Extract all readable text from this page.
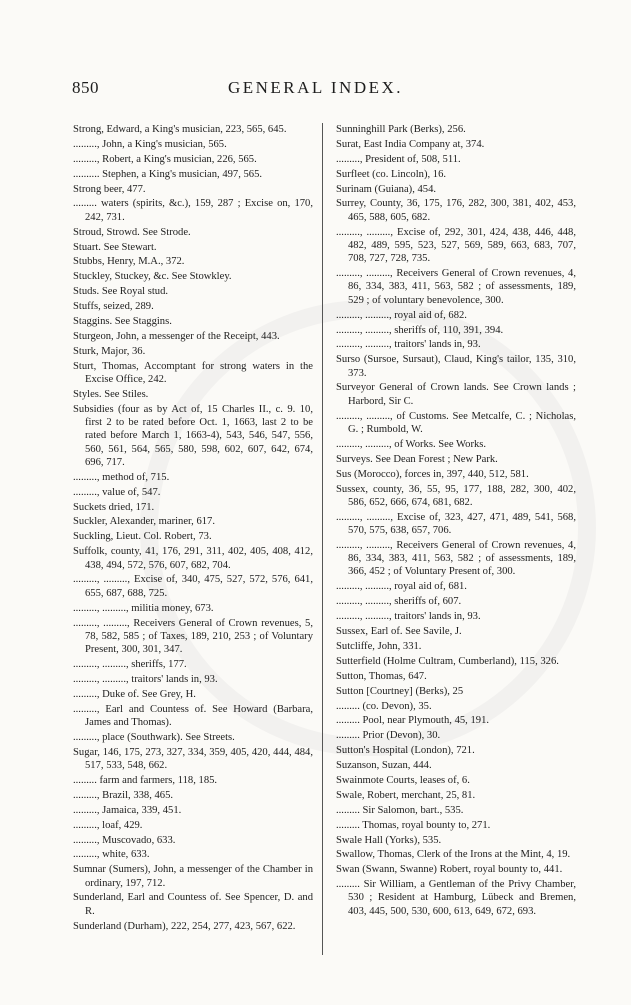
850	GENERAL INDEX.

Strong, Edward, a King's musician, 223, 565, 645.

........., John, a King's musician, 565.

........., Robert, a King's musician, 226, 565.

.......... Stephen, a King's musician, 497, 565.

Strong beer, 477.

......... waters (spirits, &c.), 159, 287 ; Excise on, 170, 242, 731.

Stroud, Strowd. See Strode.

Stuart. See Stewart.

Stubbs, Henry, M.A., 372.

Stuckley, Stuckey, &c. See Stowkley.

Studs. See Royal stud.

Stuffs, seized, 289.

Staggins. See Staggins.

Sturgeon, John, a messenger of the Receipt, 443.

Sturk, Major, 36.

Sturt, Thomas, Accomptant for strong waters in the Excise Office, 242.

Styles. See Stiles.

Subsidies (four as by Act of, 15 Charles II., c. 9. 10, first 2 to be rated before Oct. 1, 1663, last 2 to be rated before March 1, 1663-4), 543, 546, 547, 556, 560, 561, 564, 565, 580, 598, 602, 607, 642, 674, 696, 717.

........., method of, 715.

........., value of, 547.

Suckets dried, 171.

Suckler, Alexander, mariner, 617.

Suckling, Lieut. Col. Robert, 73.

Suffolk, county, 41, 176, 291, 311, 402, 405, 408, 412, 438, 494, 572, 576, 607, 682, 704.

........., ........., Excise of, 340, 475, 527, 572, 576, 641, 655, 687, 688, 725.

........., ........., militia money, 673.

........., ........., Receivers General of Crown revenues, 5, 78, 582, 585 ; of Taxes, 189, 210, 253 ; of Voluntary Present, 300, 301, 347.

........., ........., sheriffs, 177.

........., ........., traitors' lands in, 93.

........., Duke of. See Grey, H.

........., Earl and Countess of. See Howard (Barbara, James and Thomas).

........., place (Southwark). See Streets.

Sugar, 146, 175, 273, 327, 334, 359, 405, 420, 444, 484, 517, 533, 548, 662.

......... farm and farmers, 118, 185.

........., Brazil, 338, 465.

........., Jamaica, 339, 451.

........., loaf, 429.

........., Muscovado, 633.

........., white, 633.

Sumnar (Sumers), John, a messenger of the Chamber in ordinary, 197, 712.

Sunderland, Earl and Countess of. See Spencer, D. and R.

Sunderland (Durham), 222, 254, 277, 423, 567, 622.

Sunninghill Park (Berks), 256.

Surat, East India Company at, 374.

........., President of, 508, 511.

Surfleet (co. Lincoln), 16.

Surinam (Guiana), 454.

Surrey, County, 36, 175, 176, 282, 300, 381, 402, 453, 465, 588, 605, 682.

........., ........., Excise of, 292, 301, 424, 438, 446, 448, 482, 489, 595, 523, 527, 569, 589, 663, 683, 707, 708, 727, 728, 735.

........., ........., Receivers General of Crown revenues, 4, 86, 334, 383, 411, 563, 582 ; of assessments, 189, 529 ; of voluntary benevolence, 300.

........., ........., royal aid of, 682.

........., ........., sheriffs of, 110, 391, 394.

........., ........., traitors' lands in, 93.

Surso (Sursoe, Sursaut), Claud, King's tailor, 135, 310, 373.

Surveyor General of Crown lands. See Crown lands ; Harbord, Sir C.

........., ........., of Customs. See Metcalfe, C. ; Nicholas, G. ; Rumbold, W.

........., ........., of Works. See Works.

Surveys. See Dean Forest ; New Park.

Sus (Morocco), forces in, 397, 440, 512, 581.

Sussex, county, 36, 55, 95, 177, 188, 282, 300, 402, 586, 652, 666, 674, 681, 682.

........., ........., Excise of, 323, 427, 471, 489, 541, 568, 570, 575, 638, 657, 706.

........., ........., Receivers General of Crown revenues, 4, 86, 334, 383, 411, 563, 582 ; of assessments, 189, 366, 452 ; of Voluntary Present of, 300.

........., ........., royal aid of, 681.

........., ........., sheriffs of, 607.

........., ........., traitors' lands in, 93.

Sussex, Earl of. See Savile, J.

Sutcliffe, John, 331.

Sutterfield (Holme Cultram, Cumberland), 115, 326.

Sutton, Thomas, 647.

Sutton [Courtney] (Berks), 25

......... (co. Devon), 35.

......... Pool, near Plymouth, 45, 191.

......... Prior (Devon), 30.

Sutton's Hospital (London), 721.

Suzanson, Suzan, 444.

Swainmote Courts, leases of, 6.

Swale, Robert, merchant, 25, 81.

......... Sir Salomon, bart., 535.

......... Thomas, royal bounty to, 271.

Swale Hall (Yorks), 535.

Swallow, Thomas, Clerk of the Irons at the Mint, 4, 19.

Swan (Swann, Swanne) Robert, royal bounty to, 441.

......... Sir William, a Gentleman of the Privy Chamber, 530 ; Resident at Hamburg, Lübeck and Bremen, 403, 445, 500, 530, 600, 613, 649, 672, 693.
